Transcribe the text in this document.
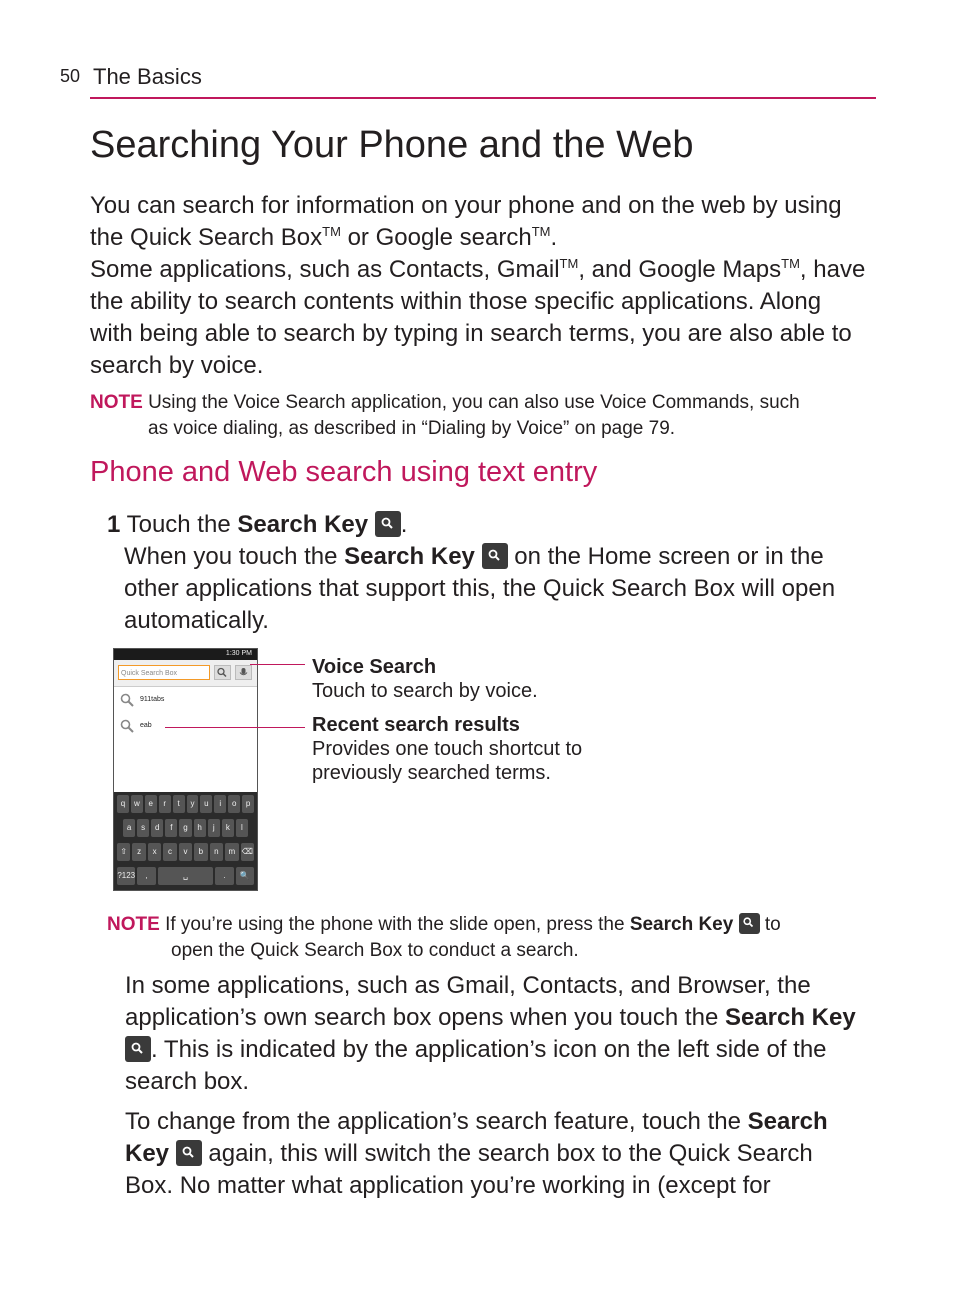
50 The Basics
Searching Your Phone and the Web
You can search for information on your phone and on the web by using
the Quick Search Box™ or Google search™.
Some applications, such as Contacts, Gmail™, and Google Maps™, have
the ability to search contents within those specific applications. Along
with being able to search by typing in search terms, you are also able to
search by voice.
NOTE Using the Voice Search application, you can also use Voice Commands, such
as voice dialing, as described in “Dialing by Voice” on page 79.
Phone and Web search using text entry
1 Touch the Search Key .
When you touch the Search Key
on the Home screen or in the
other applications that support this, the Quick Search Box will open
automatically.
1:30 PM
Quick Search Box
911tabs
eab
q	w	e	r	t	y	u	i	o	p
a	s	d	f	g	h	j	k	l
⇧	z	x	c	v	b	n	m ⌫
?123	,	␣	.	🔍
Voice Search
Touch to search by voice.
Recent search results
Provides one touch shortcut to
previously searched terms.
NOTE If you’re using the phone with the slide open, press the Search Key
to
open the Quick Search Box to conduct a search.
In some applications, such as Gmail, Contacts, and Browser, the
application’s own search box opens when you touch the Search Key
. This is indicated by the application’s icon on the left side of the
search box.
To change from the application’s search feature, touch the Search
Key
again, this will switch the search box to the Quick Search
Box. No matter what application you’re working in (except for
